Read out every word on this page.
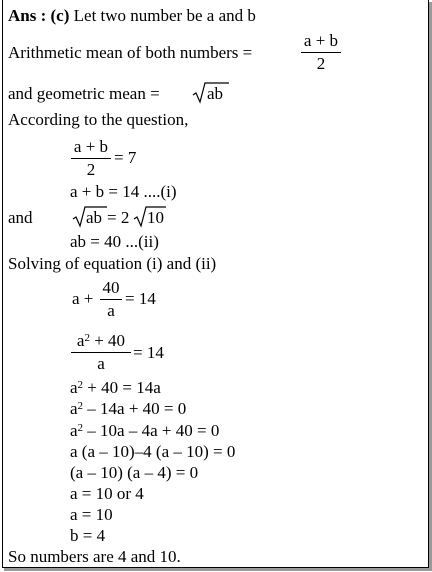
Ans : (c) Let two number be a and b
Arithmetic mean of both numbers =
a + b
2
and geometric mean =	ab
According to the question,
a + b
2
= 7
a + b = 14 ....(i)
and	ab = 2 10
ab = 40 ...(ii)
Solving of equation (i) and (ii)
a +
40
a
= 14
$a^2 + 40$
a
= 14
$a^2 + 40 = 14a$
$a^2 - 14a + 40 = 0$
$a^2 - 10a - 4a + 40 = 0$
a (a – 10)–4 (a – 10) = 0
(a – 10) (a – 4) = 0
a = 10 or 4
a = 10
b = 4
So numbers are 4 and 10.
